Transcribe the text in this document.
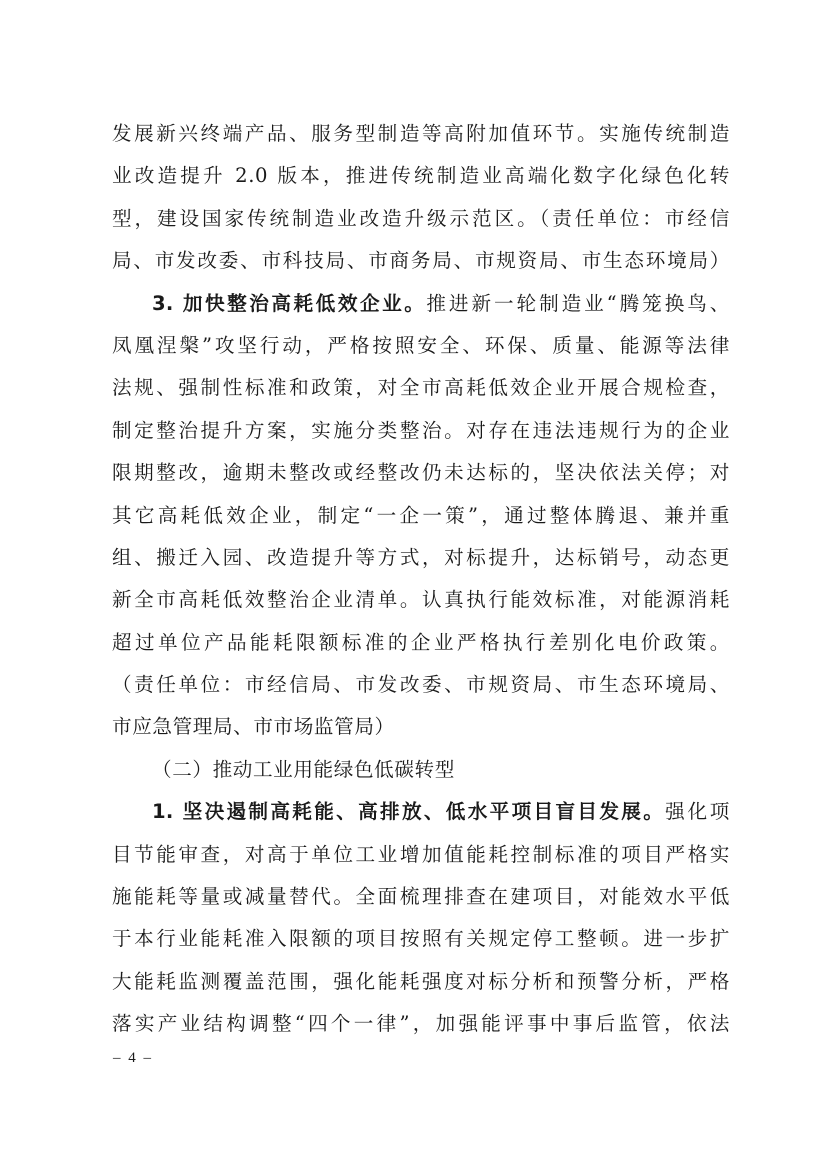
发展新兴终端产品、服务型制造等高附加值环节。实施传统制造
业改造提升 2.0 版本，推进传统制造业高端化数字化绿色化转
型，建设国家传统制造业改造升级示范区。（责任单位：市经信
局、市发改委、市科技局、市商务局、市规资局、市生态环境局）
3. 加快整治高耗低效企业。推进新一轮制造业“腾笼换鸟、
凤凰涅槃”攻坚行动，严格按照安全、环保、质量、能源等法律
法规、强制性标准和政策，对全市高耗低效企业开展合规检查，
制定整治提升方案，实施分类整治。对存在违法违规行为的企业
限期整改，逾期未整改或经整改仍未达标的，坚决依法关停；对
其它高耗低效企业，制定“一企一策”，通过整体腾退、兼并重
组、搬迁入园、改造提升等方式，对标提升，达标销号，动态更
新全市高耗低效整治企业清单。认真执行能效标准，对能源消耗
超过单位产品能耗限额标准的企业严格执行差别化电价政策。
（责任单位：市经信局、市发改委、市规资局、市生态环境局、
市应急管理局、市市场监管局）
（二）推动工业用能绿色低碳转型
1. 坚决遏制高耗能、高排放、低水平项目盲目发展。强化项
目节能审查，对高于单位工业增加值能耗控制标准的项目严格实
施能耗等量或减量替代。全面梳理排查在建项目，对能效水平低
于本行业能耗准入限额的项目按照有关规定停工整顿。进一步扩
大能耗监测覆盖范围，强化能耗强度对标分析和预警分析，严格
落实产业结构调整“四个一律”，加强能评事中事后监管，依法
– 4 –
